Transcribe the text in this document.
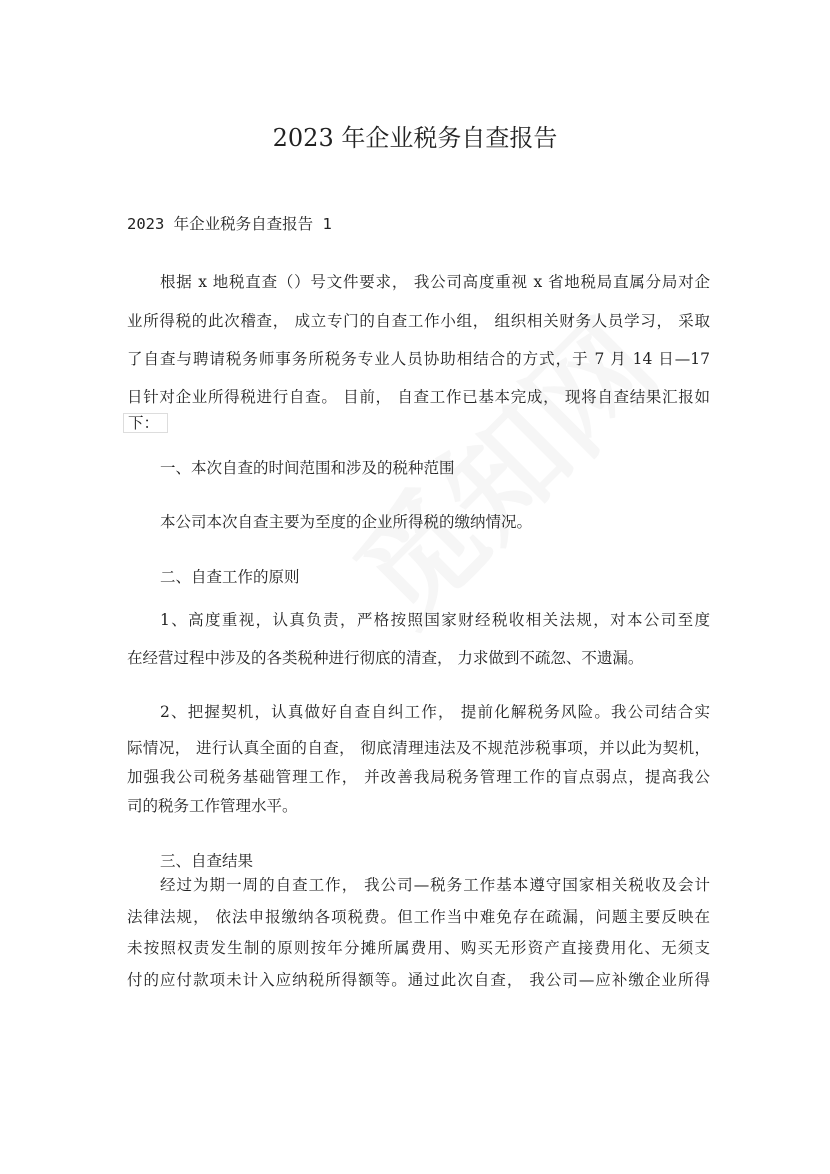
2023 年企业税务自查报告
2023 年企业税务自查报告 1
根据 x 地税直查（）号文件要求， 我公司高度重视 x 省地税局直属分局对企
业所得税的此次稽查， 成立专门的自查工作小组， 组织相关财务人员学习， 采取
了自查与聘请税务师事务所税务专业人员协助相结合的方式，于 7 月 14 日—17
日针对企业所得税进行自查。 目前， 自查工作已基本完成， 现将自查结果汇报如
下：
一、本次自查的时间范围和涉及的税种范围
本公司本次自查主要为至度的企业所得税的缴纳情况。
二、自查工作的原则
1、高度重视，认真负责，严格按照国家财经税收相关法规，对本公司至度
在经营过程中涉及的各类税种进行彻底的清查， 力求做到不疏忽、不遗漏。
2、把握契机，认真做好自查自纠工作， 提前化解税务风险。我公司结合实
际情况， 进行认真全面的自查， 彻底清理违法及不规范涉税事项，并以此为契机，
加强我公司税务基础管理工作， 并改善我局税务管理工作的盲点弱点，提高我公
司的税务工作管理水平。
三、自查结果
经过为期一周的自查工作， 我公司—税务工作基本遵守国家相关税收及会计
法律法规， 依法申报缴纳各项税费。但工作当中难免存在疏漏，问题主要反映在
未按照权责发生制的原则按年分摊所属费用、购买无形资产直接费用化、无须支
付的应付款项未计入应纳税所得额等。通过此次自查， 我公司—应补缴企业所得
